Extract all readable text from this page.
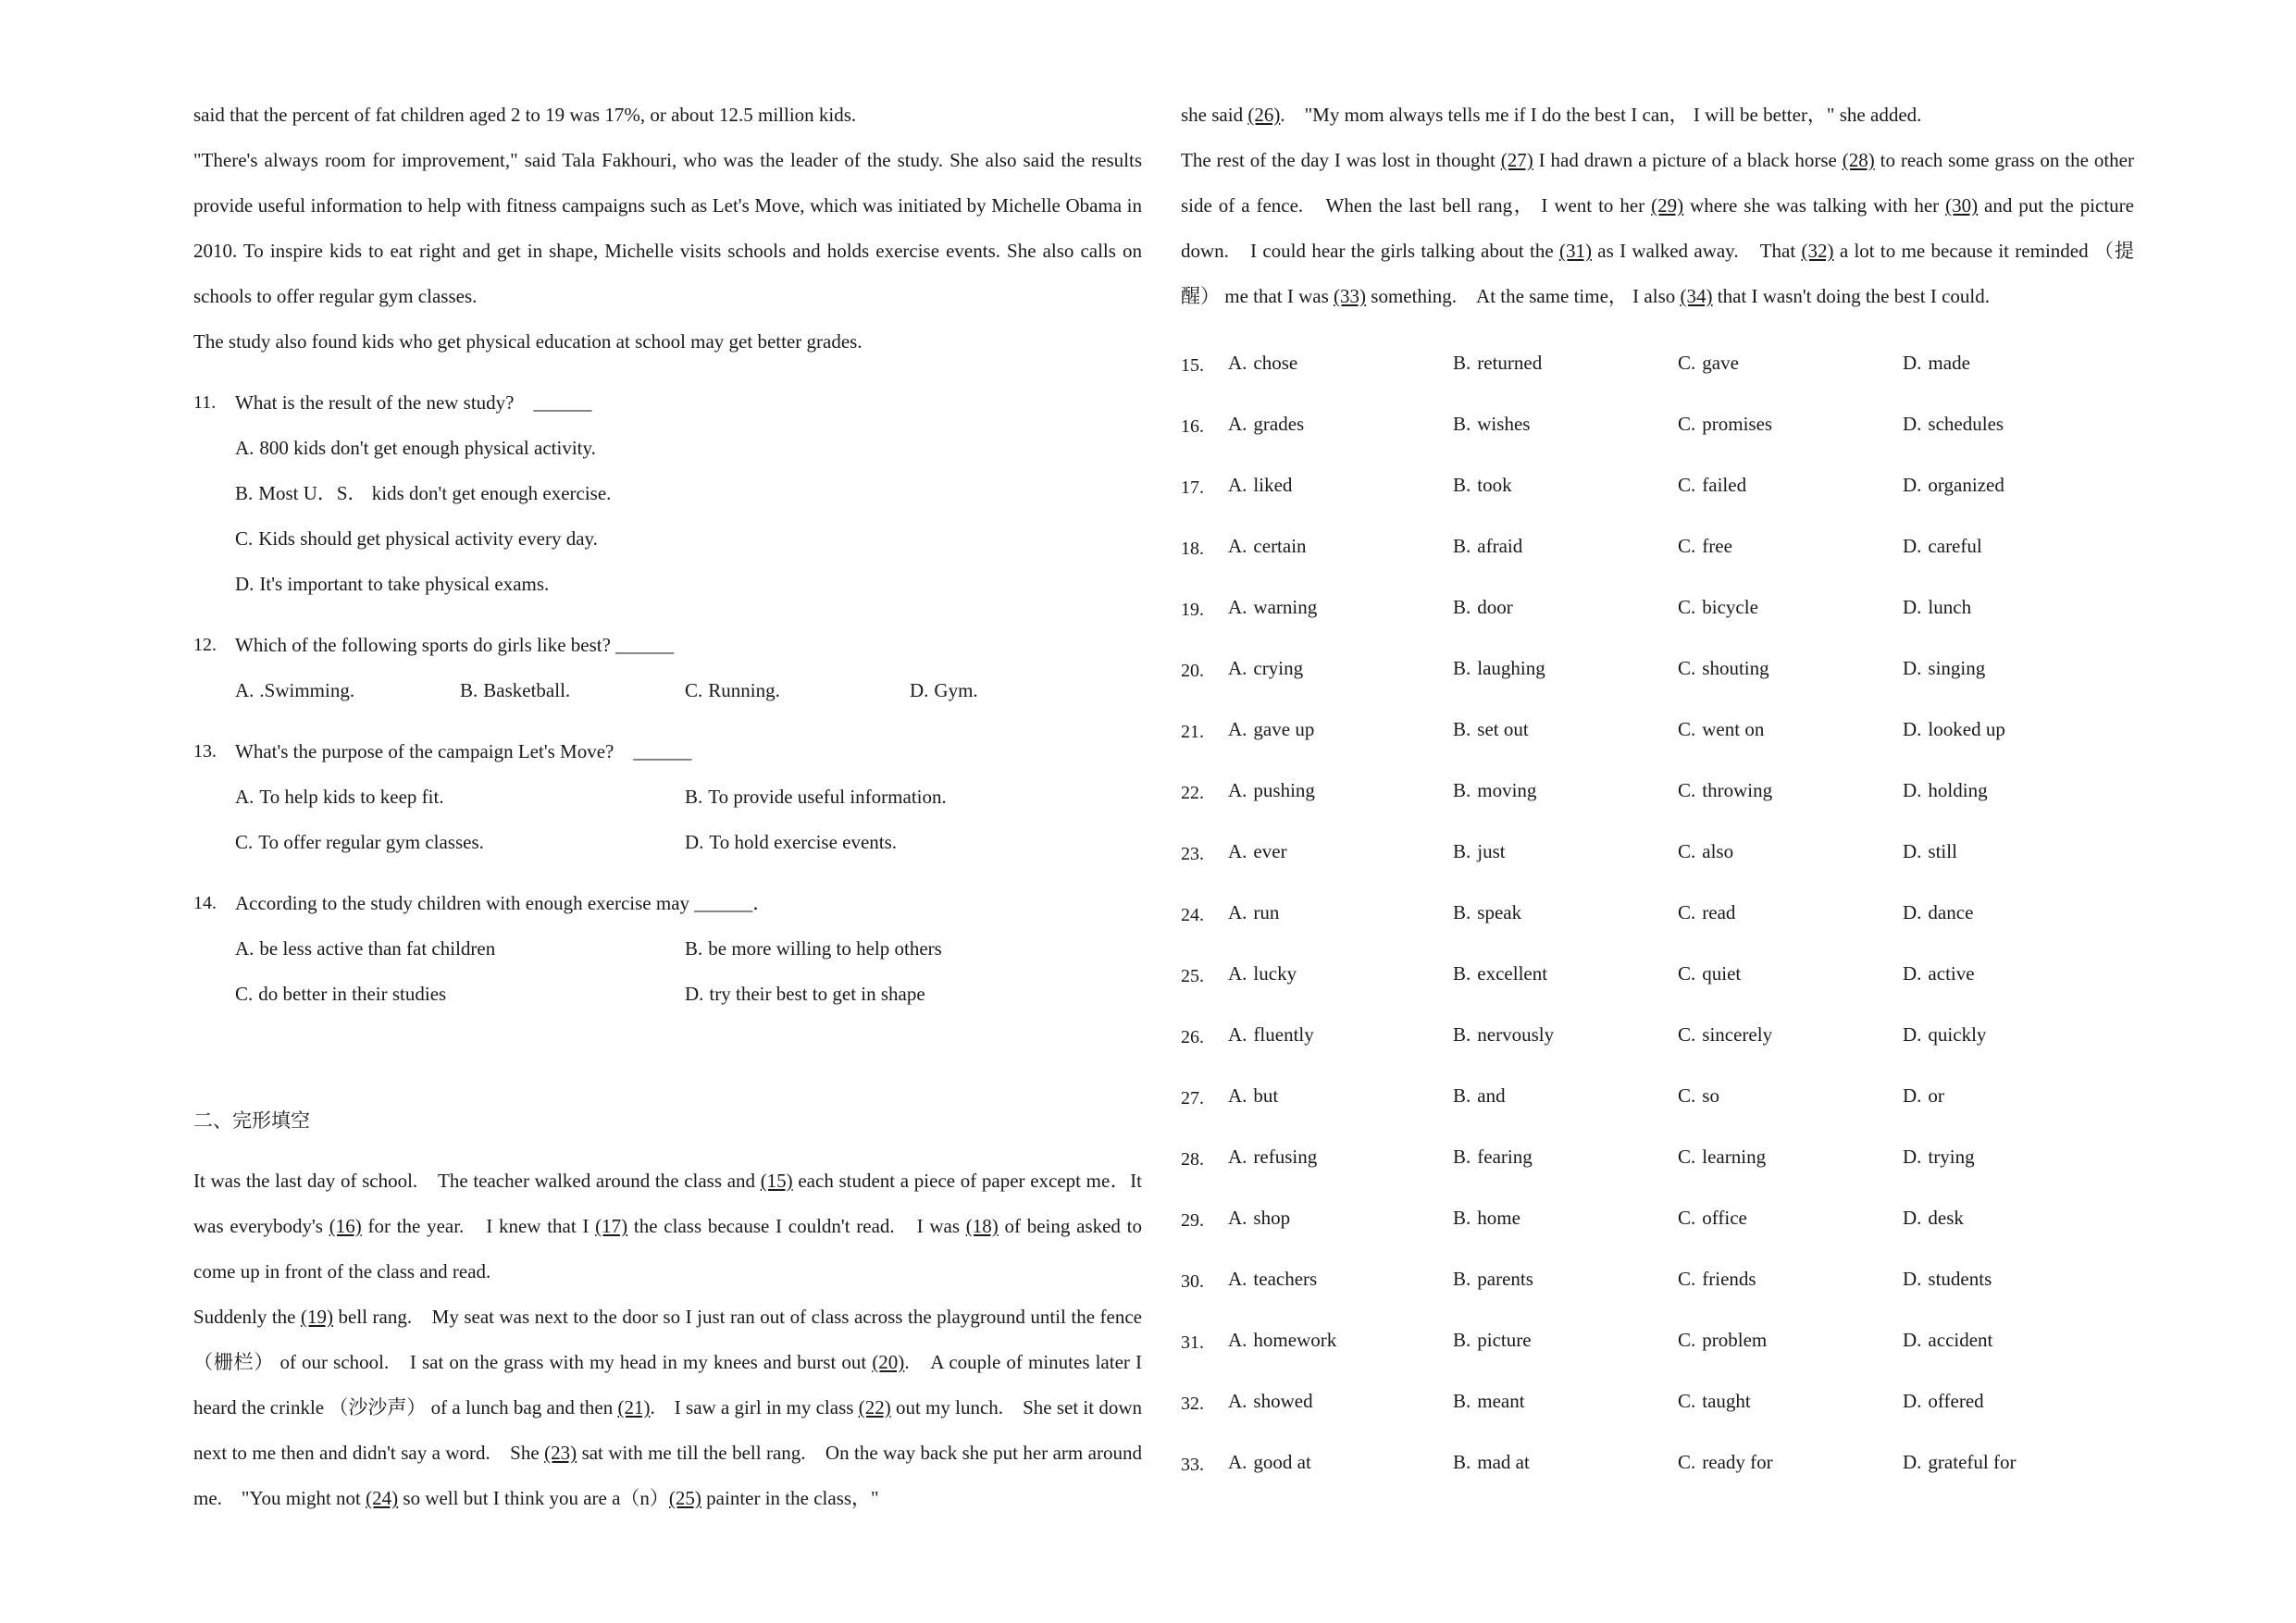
said that the percent of fat children aged 2 to 19 was 17%, or about 12.5 million kids.

"There's always room for improvement," said Tala Fakhouri, who was the leader of the study. She also said the results provide useful information to help with fitness campaigns such as Let's Move, which was initiated by Michelle Obama in 2010. To inspire kids to eat right and get in shape, Michelle visits schools and holds exercise events. She also calls on schools to offer regular gym classes.

The study also found kids who get physical education at school may get better grades.

11. What is the result of the new study?　______
A. 800 kids don't get enough physical activity.
B. Most U．S． kids don't get enough exercise.
C. Kids should get physical activity every day.
D. It's important to take physical exams.
12. Which of the following sports do girls like best? ______
A. .Swimming.	B. Basketball.	C. Running.	D. Gym.
13. What's the purpose of the campaign Let's Move?　______
A. To help kids to keep fit.	B. To provide useful information.
C. To offer regular gym classes.	D. To hold exercise events.
14. According to the study children with enough exercise may ______．
A. be less active than fat children	B. be more willing to help others
C. do better in their studies	D. try their best to get in shape
二、完形填空

It was the last day of school.　The teacher walked around the class and (15) each student a piece of paper except me．It was everybody's (16) for the year.　I knew that I (17) the class because I couldn't read.　I was (18) of being asked to come up in front of the class and read.

Suddenly the (19) bell rang.　My seat was next to the door so I just ran out of class across the playground until the fence （栅栏） of our school.　I sat on the grass with my head in my knees and burst out (20).　A couple of minutes later I heard the crinkle （沙沙声） of a lunch bag and then (21).　I saw a girl in my class (22) out my lunch.　She set it down next to me then and didn't say a word.　She (23) sat with me till the bell rang.　On the way back she put her arm around me.　"You might not (24) so well but I think you are a（n）(25) painter in the class，"

she said (26).　"My mom always tells me if I do the best I can， I will be better，" she added.

The rest of the day I was lost in thought (27) I had drawn a picture of a black horse (28) to reach some grass on the other side of a fence.　When the last bell rang， I went to her (29) where she was talking with her (30) and put the picture down.　I could hear the girls talking about the (31) as I walked away.　That (32) a lot to me because it reminded （提醒） me that I was (33) something.　At the same time， I also (34) that I wasn't doing the best I could.

15.	A. chose	B. returned	C. gave	D. made
16.	A. grades	B. wishes	C. promises	D. schedules
17.	A. liked	B. took	C. failed	D. organized
18.	A. certain	B. afraid	C. free	D. careful
19.	A. warning	B. door	C. bicycle	D. lunch
20.	A. crying	B. laughing	C. shouting	D. singing
21.	A. gave up	B. set out	C. went on	D. looked up
22.	A. pushing	B. moving	C. throwing	D. holding
23.	A. ever	B. just	C. also	D. still
24.	A. run	B. speak	C. read	D. dance
25.	A. lucky	B. excellent	C. quiet	D. active
26.	A. fluently	B. nervously	C. sincerely	D. quickly
27.	A. but	B. and	C. so	D. or
28.	A. refusing	B. fearing	C. learning	D. trying
29.	A. shop	B. home	C. office	D. desk
30.	A. teachers	B. parents	C. friends	D. students
31.	A. homework	B. picture	C. problem	D. accident
32.	A. showed	B. meant	C. taught	D. offered
33.	A. good at	B. mad at	C. ready for	D. grateful for
